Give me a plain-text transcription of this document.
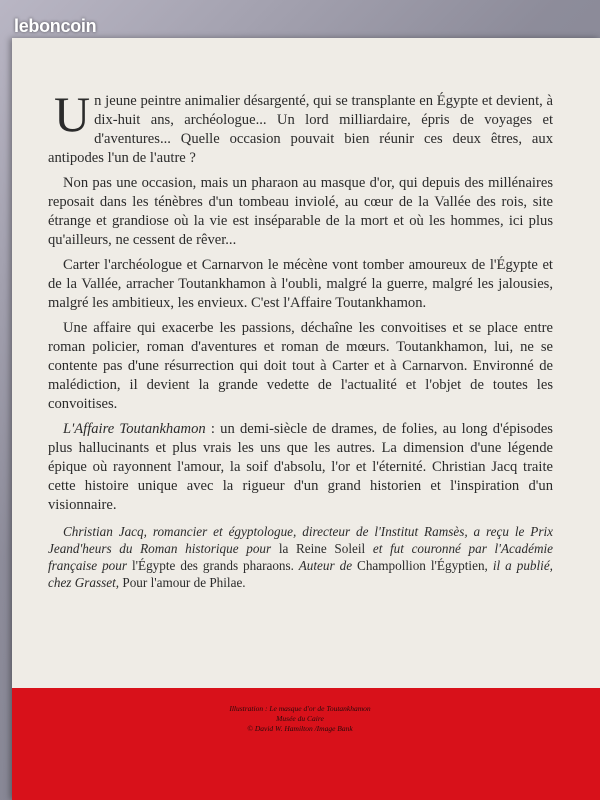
Un jeune peintre animalier désargenté, qui se transplante en Égypte et devient, à dix-huit ans, archéologue... Un lord milliardaire, épris de voyages et d'aventures... Quelle occasion pouvait bien réunir ces deux êtres, aux antipodes l'un de l'autre ?

Non pas une occasion, mais un pharaon au masque d'or, qui depuis des millénaires reposait dans les ténèbres d'un tombeau inviolé, au cœur de la Vallée des rois, site étrange et grandiose où la vie est inséparable de la mort et où les hommes, ici plus qu'ailleurs, ne cessent de rêver...

Carter l'archéologue et Carnarvon le mécène vont tomber amoureux de l'Égypte et de la Vallée, arracher Toutankhamon à l'oubli, malgré la guerre, malgré les jalousies, malgré les ambitieux, les envieux. C'est l'Affaire Toutankhamon.

Une affaire qui exacerbe les passions, déchaîne les convoitises et se place entre roman policier, roman d'aventures et roman de mœurs. Toutankhamon, lui, ne se contente pas d'une résurrection qui doit tout à Carter et à Carnarvon. Environné de malédiction, il devient la grande vedette de l'actualité et l'objet de toutes les convoitises.

L'Affaire Toutankhamon : un demi-siècle de drames, de folies, au long d'épisodes plus hallucinants et plus vrais les uns que les autres. La dimension d'une légende épique où rayonnent l'amour, la soif d'absolu, l'or et l'éternité. Christian Jacq traite cette histoire unique avec la rigueur d'un grand historien et l'inspiration d'un visionnaire.

Christian Jacq, romancier et égyptologue, directeur de l'Institut Ramsès, a reçu le Prix Jeand'heurs du Roman historique pour la Reine Soleil et fut couronné par l'Académie française pour l'Égypte des grands pharaons. Auteur de Champollion l'Égyptien, il a publié, chez Grasset, Pour l'amour de Philae.

Illustration : Le masque d'or de Toutankhamon
Musée du Caire
© David W. Hamilton /Image Bank
leboncoin
